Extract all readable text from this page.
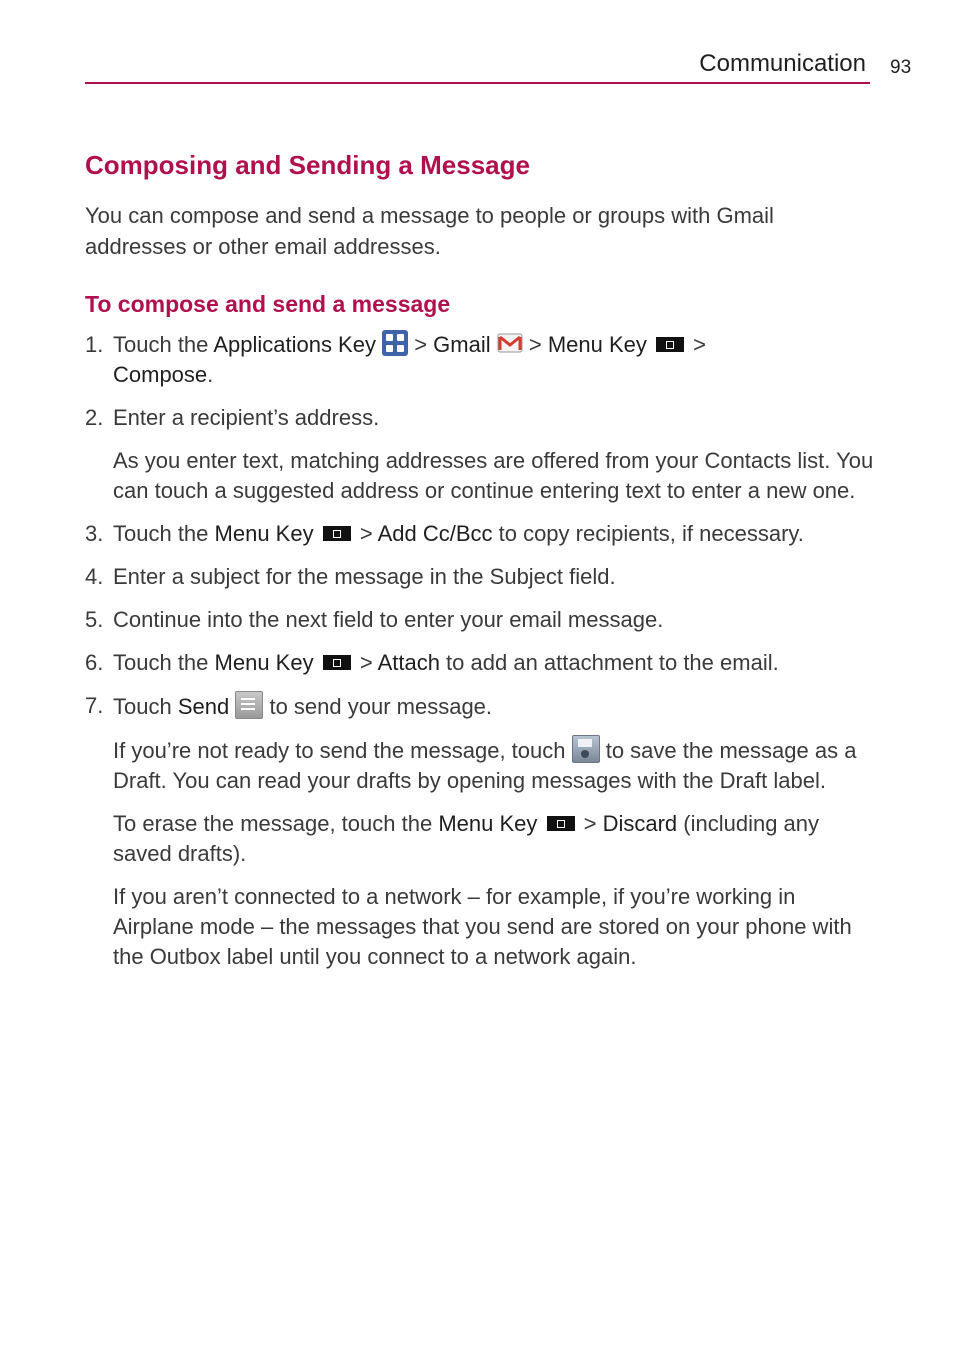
Communication 93
Composing and Sending a Message

You can compose and send a message to people or groups with Gmail addresses or other email addresses.

To compose and send a message
1. Touch the Applications Key  > Gmail  > Menu Key  >
Compose.
2. Enter a recipient’s address.
As you enter text, matching addresses are offered from your Contacts list. You can touch a suggested address or continue entering text to enter a new one.
3. Touch the Menu Key  > Add Cc/Bcc to copy recipients, if necessary.
4. Enter a subject for the message in the Subject field.
5. Continue into the next field to enter your email message.
6. Touch the Menu Key  > Attach to add an attachment to the email.
7. Touch Send  to send your message.
If you’re not ready to send the message, touch  to save the message as a Draft. You can read your drafts by opening messages with the Draft label.
To erase the message, touch the Menu Key  > Discard (including any saved drafts).
If you aren’t connected to a network – for example, if you’re working in Airplane mode – the messages that you send are stored on your phone with the Outbox label until you connect to a network again.
